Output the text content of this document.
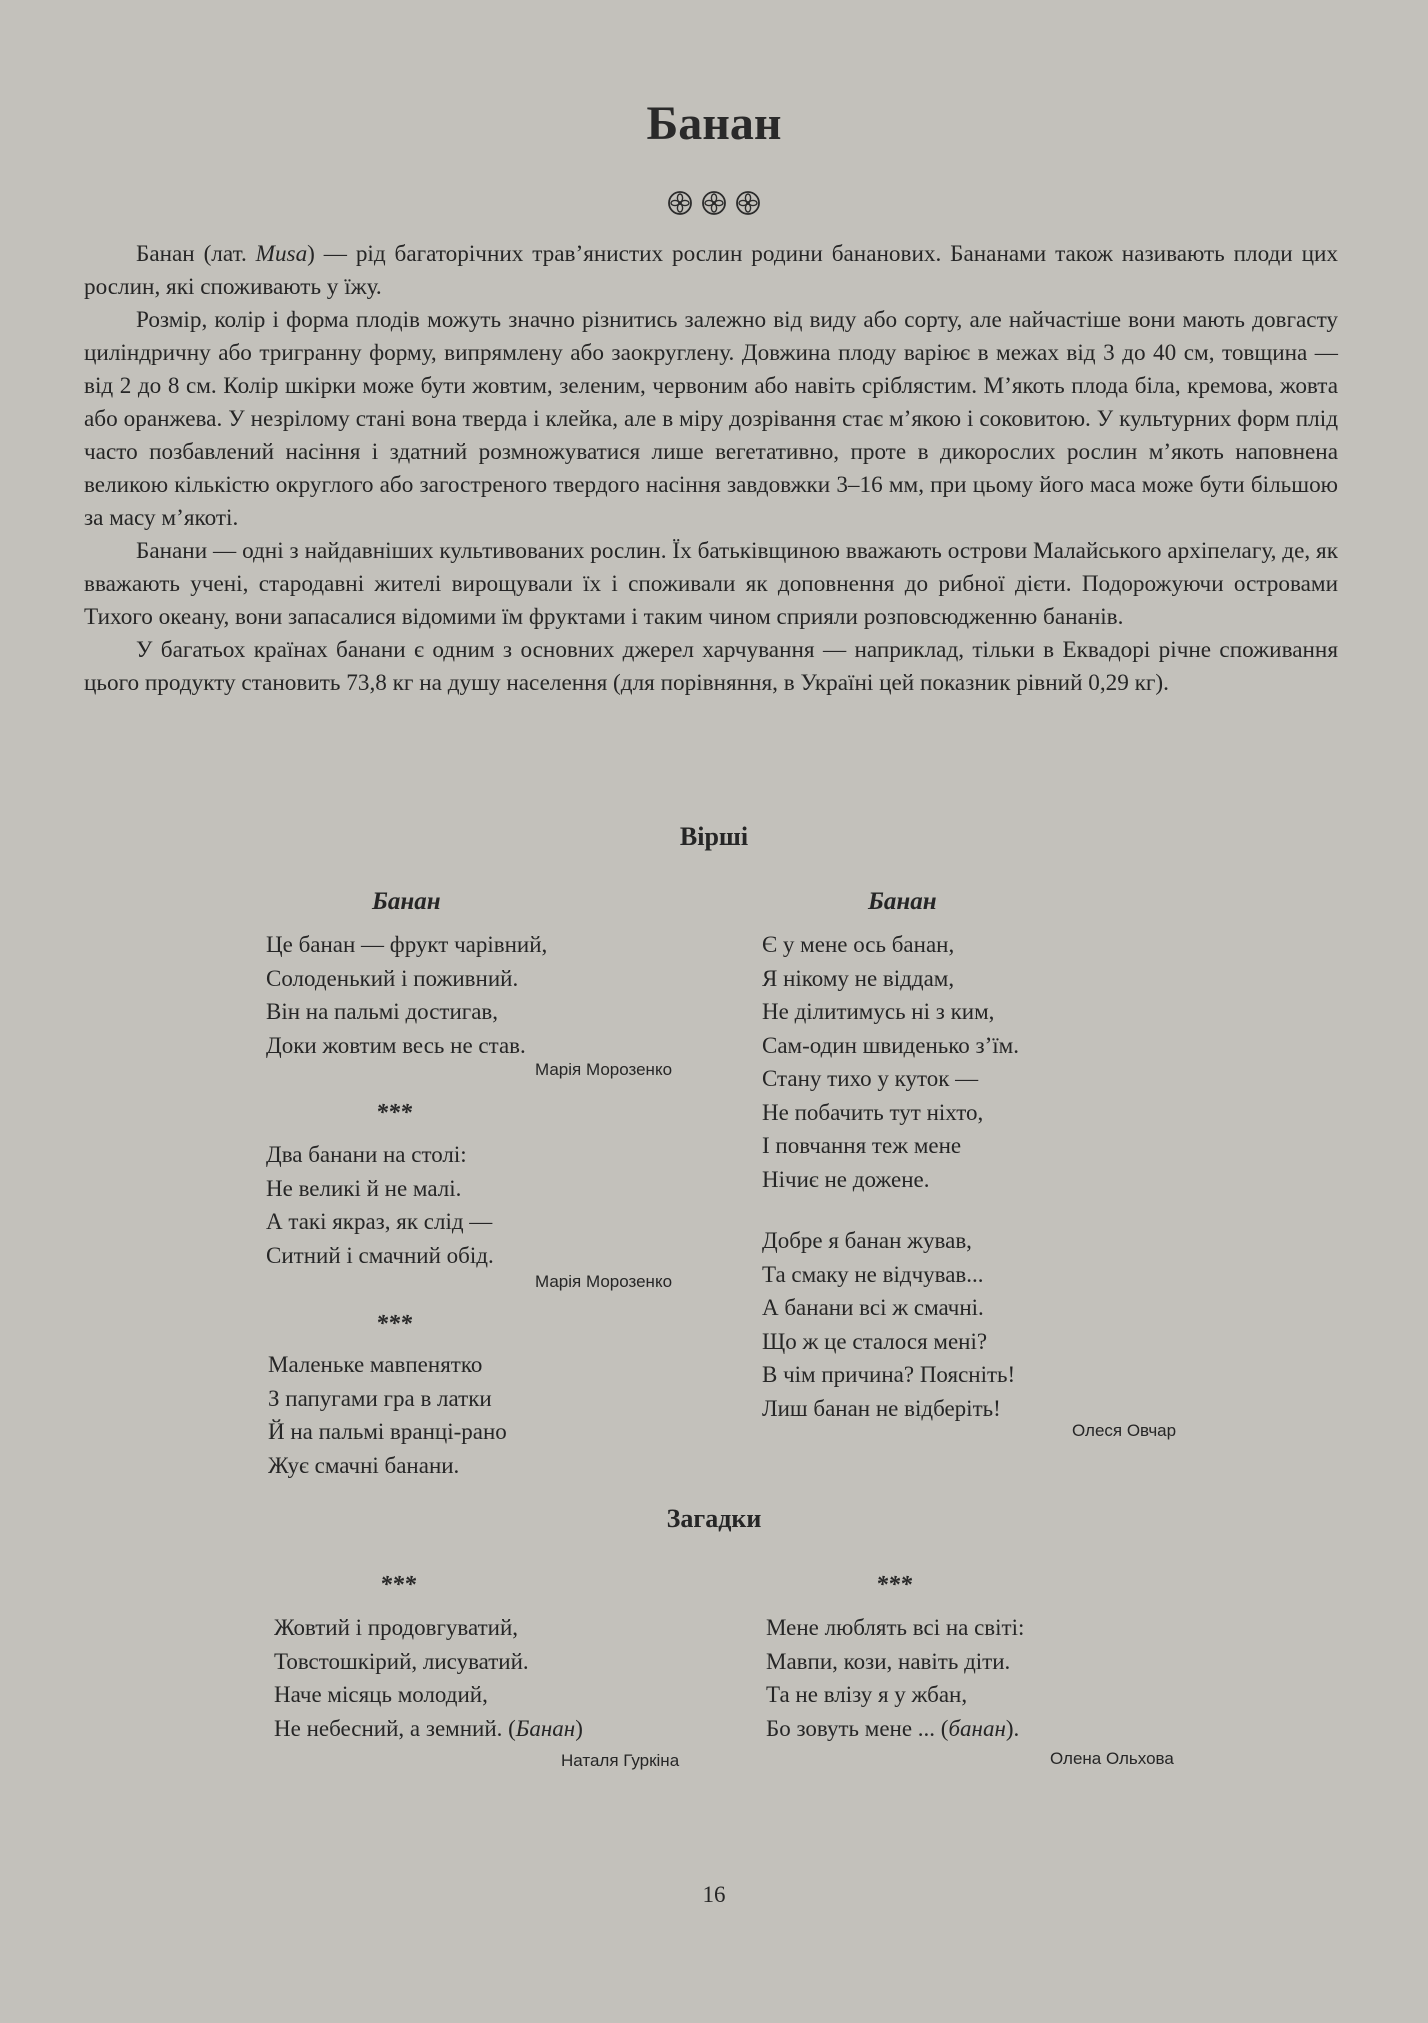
Банан

Банан (лат. Musa) — рід багаторічних трав’янистих рослин родини бананових. Бананами також називають плоди цих рослин, які споживають у їжу.

Розмір, колір і форма плодів можуть значно різнитись залежно від виду або сорту, але найчастіше вони мають довгасту циліндричну або тригранну форму, випрямлену або заокруглену. Довжина плоду варіює в межах від 3 до 40 см, товщина — від 2 до 8 см. Колір шкірки може бути жовтим, зеленим, червоним або навіть сріблястим. М’якоть плода біла, кремова, жовта або оранжева. У незрілому стані вона тверда і клейка, але в міру дозрівання стає м’якою і соковитою. У культурних форм плід часто позбавлений насіння і здатний розмножуватися лише вегетативно, проте в дикорослих рослин м’якоть наповнена великою кількістю округлого або загостреного твердого насіння завдовжки 3–16 мм, при цьому його маса може бути більшою за масу м’якоті.

Банани — одні з найдавніших культивованих рослин. Їх батьківщиною вважають острови Малайського архіпелагу, де, як вважають учені, стародавні жителі вирощували їх і споживали як доповнення до рибної дієти. Подорожуючи островами Тихого океану, вони запасалися відомими їм фруктами і таким чином сприяли розповсюдженню бананів.

У багатьох країнах банани є одним з основних джерел харчування — наприклад, тільки в Еквадорі річне споживання цього продукту становить 73,8 кг на душу населення (для порівняння, в Україні цей показник рівний 0,29 кг).

Вірші
Банан
Це банан — фрукт чарівний,
Солоденький і поживний.
Він на пальмі достигав,
Доки жовтим весь не став.
Марія Морозенко
***
Два банани на столі:
Не великі й не малі.
А такі якраз, як слід —
Ситний і смачний обід.
Марія Морозенко
***
Маленьке мавпенятко
З папугами гра в латки
Й на пальмі вранці-рано
Жує смачні банани.
Банан
Є у мене ось банан,
Я нікому не віддам,
Не ділитимусь ні з ким,
Сам-один швиденько з’їм.
Стану тихо у куток —
Не побачить тут ніхто,
І повчання теж мене
Нічиє не дожене.
Добре я банан жував,
Та смаку не відчував...
А банани всі ж смачні.
Що ж це сталося мені?
В чім причина? Поясніть!
Лиш банан не відберіть!
Олеся Овчар
Загадки
***
Жовтий і продовгуватий,
Товстошкірий, лисуватий.
Наче місяць молодий,
Не небесний, а земний. (Банан)
Наталя Гуркіна
***
Мене люблять всі на світі:
Мавпи, кози, навіть діти.
Та не влізу я у жбан,
Бо зовуть мене ... (банан).
Олена Ольхова
16
